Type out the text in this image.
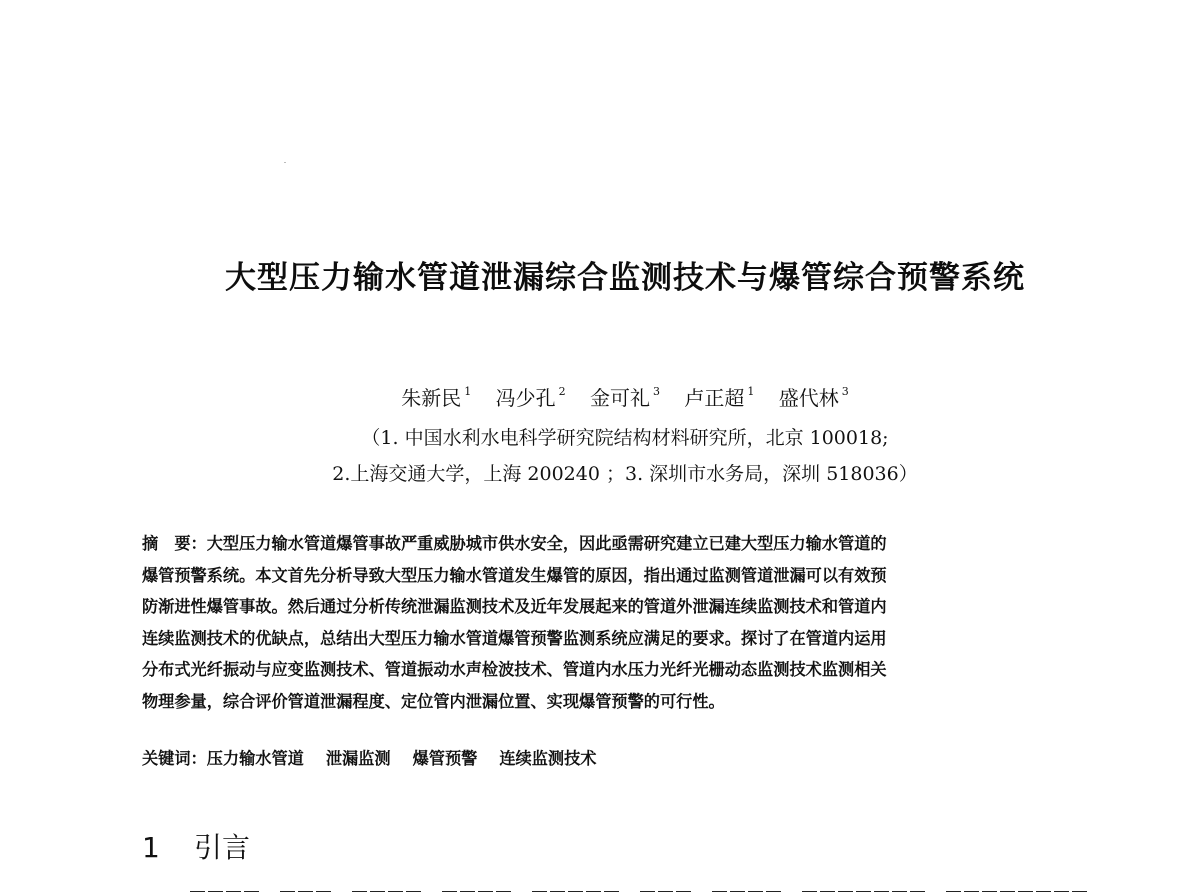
大型压力输水管道泄漏综合监测技术与爆管综合预警系统
朱新民 $^1$ 冯少孔 $^2$ 金可礼 $^3$ 卢正超 $^1$ 盛代林 $^3$
（1. 中国水利水电科学研究院结构材料研究所，北京 100018;
2.上海交通大学，上海 200240 ；3. 深圳市水务局，深圳 518036）
摘　要：大型压力输水管道爆管事故严重威胁城市供水安全，因此亟需研究建立已建大型压力输水管道的
爆管预警系统。本文首先分析导致大型压力输水管道发生爆管的原因，指出通过监测管道泄漏可以有效预
防渐进性爆管事故。然后通过分析传统泄漏监测技术及近年发展起来的管道外泄漏连续监测技术和管道内
连续监测技术的优缺点，总结出大型压力输水管道爆管预警监测系统应满足的要求。探讨了在管道内运用
分布式光纤振动与应变监测技术、管道振动水声检波技术、管道内水压力光纤光栅动态监测技术监测相关
物理参量，综合评价管道泄漏程度、定位管内泄漏位置、实现爆管预警的可行性。
关键词：压力输水管道 泄漏监测 爆管预警 连续监测技术
1 引言
